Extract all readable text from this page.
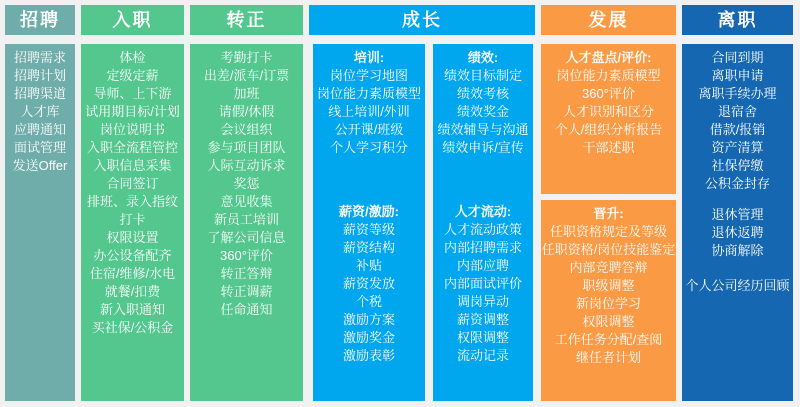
招聘
招聘需求
招聘计划
招聘渠道
人才库
应聘通知
面试管理
发送Offer
入职
体检
定级定薪
导师、上下游
试用期目标/计划
岗位说明书
入职全流程管控
入职信息采集
合同签订
排班、录入指纹
打卡
权限设置
办公设备配齐
住宿/维修/水电
就餐/扣费
新入职通知
买社保/公积金
转正
考勤打卡
出差/派车/订票
加班
请假/休假
会议组织
参与项目团队
人际互动诉求
奖惩
意见收集
新员工培训
了解公司信息
360°评价
转正答辩
转正调薪
任命通知
成长
培训:
岗位学习地图
岗位能力素质模型
线上培训/外训
公开课/班级
个人学习积分
薪资/激励:
薪资等级
薪资结构
补贴
薪资发放
个税
激励方案
激励奖金
激励表彰
绩效:
绩效目标制定
绩效考核
绩效奖金
绩效辅导与沟通
绩效申诉/宣传
人才流动:
人才流动政策
内部招聘需求
内部应聘
内部面试评价
调岗异动
薪资调整
权限调整
流动记录
发展
人才盘点/评价:
岗位能力素质模型
360°评价
人才识别和区分
个人/组织分析报告
干部述职
晋升:
任职资格规定及等级
任职资格/岗位技能鉴定
内部竞聘答辩
职级调整
新岗位学习
权限调整
工作任务分配/查阅
继任者计划
离职
合同到期
离职申请
离职手续办理
退宿舍
借款/报销
资产清算
社保停缴
公积金封存
退休管理
退休返聘
协商解除
个人公司经历回顾
